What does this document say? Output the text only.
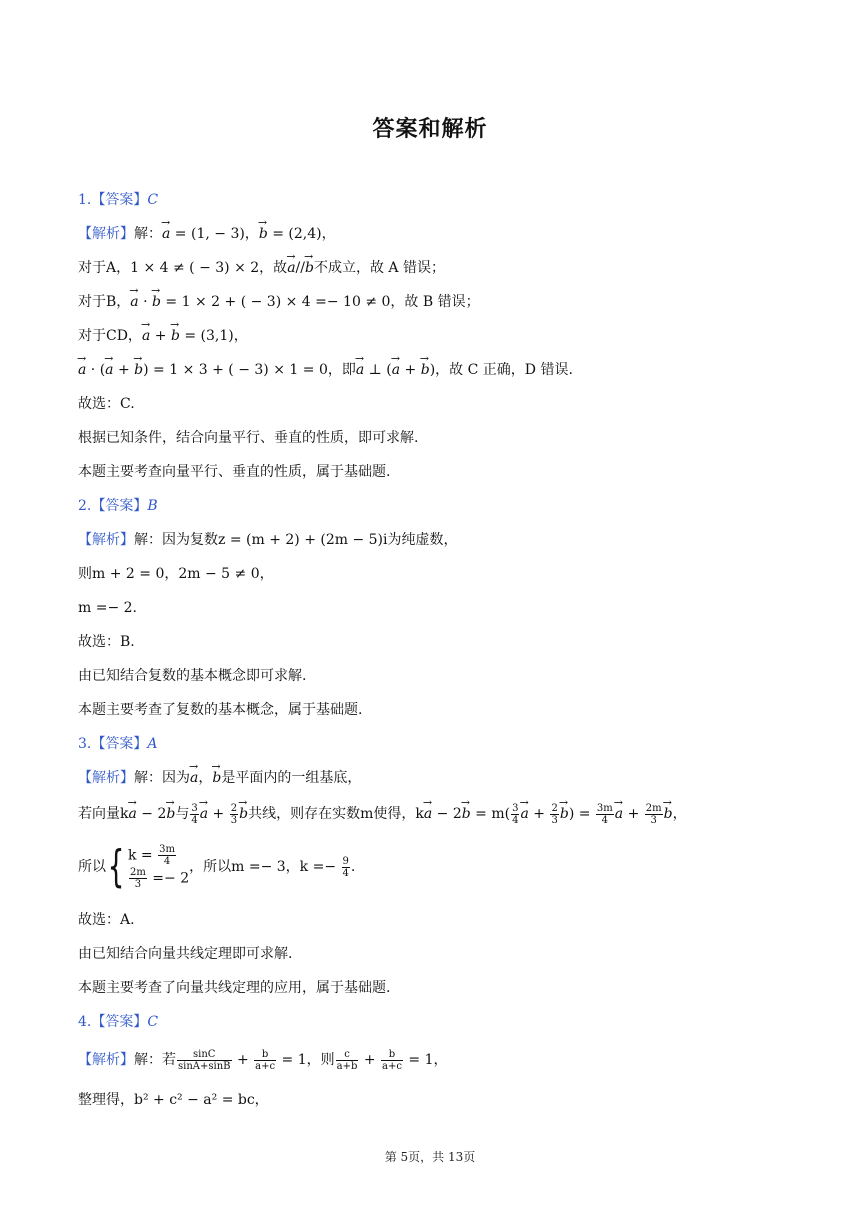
答案和解析
1.【答案】C
【解析】解：→ a = (1, − 3)，→ b = (2,4)，
对于A，1 × 4 ≠ ( − 3) × 2，故→ a//→ b不成立，故 A 错误；
对于B，→ a · → b = 1 × 2 + ( − 3) × 4 =− 10 ≠ 0，故 B 错误；
对于CD，→ a + → b = (3,1)，
→ a · (→ a + → b) = 1 × 3 + ( − 3) × 1 = 0，即→ a ⊥ (→ a + → b)，故 C 正确，D 错误.
故选：C.
根据已知条件，结合向量平行、垂直的性质，即可求解.
本题主要考查向量平行、垂直的性质，属于基础题.
2.【答案】B
【解析】解：因为复数z = (m + 2) + (2m − 5)i为纯虚数，
则m + 2 = 0，2m − 5 ≠ 0，
m =− 2.
故选：B.
由已知结合复数的基本概念即可求解.
本题主要考查了复数的基本概念，属于基础题.
3.【答案】A
【解析】解：因为→ a，→ b是平面内的一组基底，
若向量k→ a − 2→ b与 $\frac{3}{4}$
→ $a + \frac{2}{3}$
→ b共线，则存在实数m使得，$k\to a - 2\to b = m( \frac{3}{4}$
→ $a + \frac{2}{3}$
→ $b) = \frac{3m}{4}$
→ $a + \frac{2m}{3}$
→ b，
所以{ $k = \frac{3m}{4}$
$\frac{2m}{3} =- 2$
，所以m =− 3，$k =- \frac{9}{4}$ .
故选：A.
由已知结合向量共线定理即可求解.
本题主要考查了向量共线定理的应用，属于基础题.
4.【答案】C
【解析】解：若 $\frac{\sin C}{\sin A+\sin B} + \frac{b}{a+c} = 1$，则 $\frac{c}{a+b} + \frac{b}{a+c} = 1$，
整理得，b² + c² − a² = bc，
第 5页，共 13页
